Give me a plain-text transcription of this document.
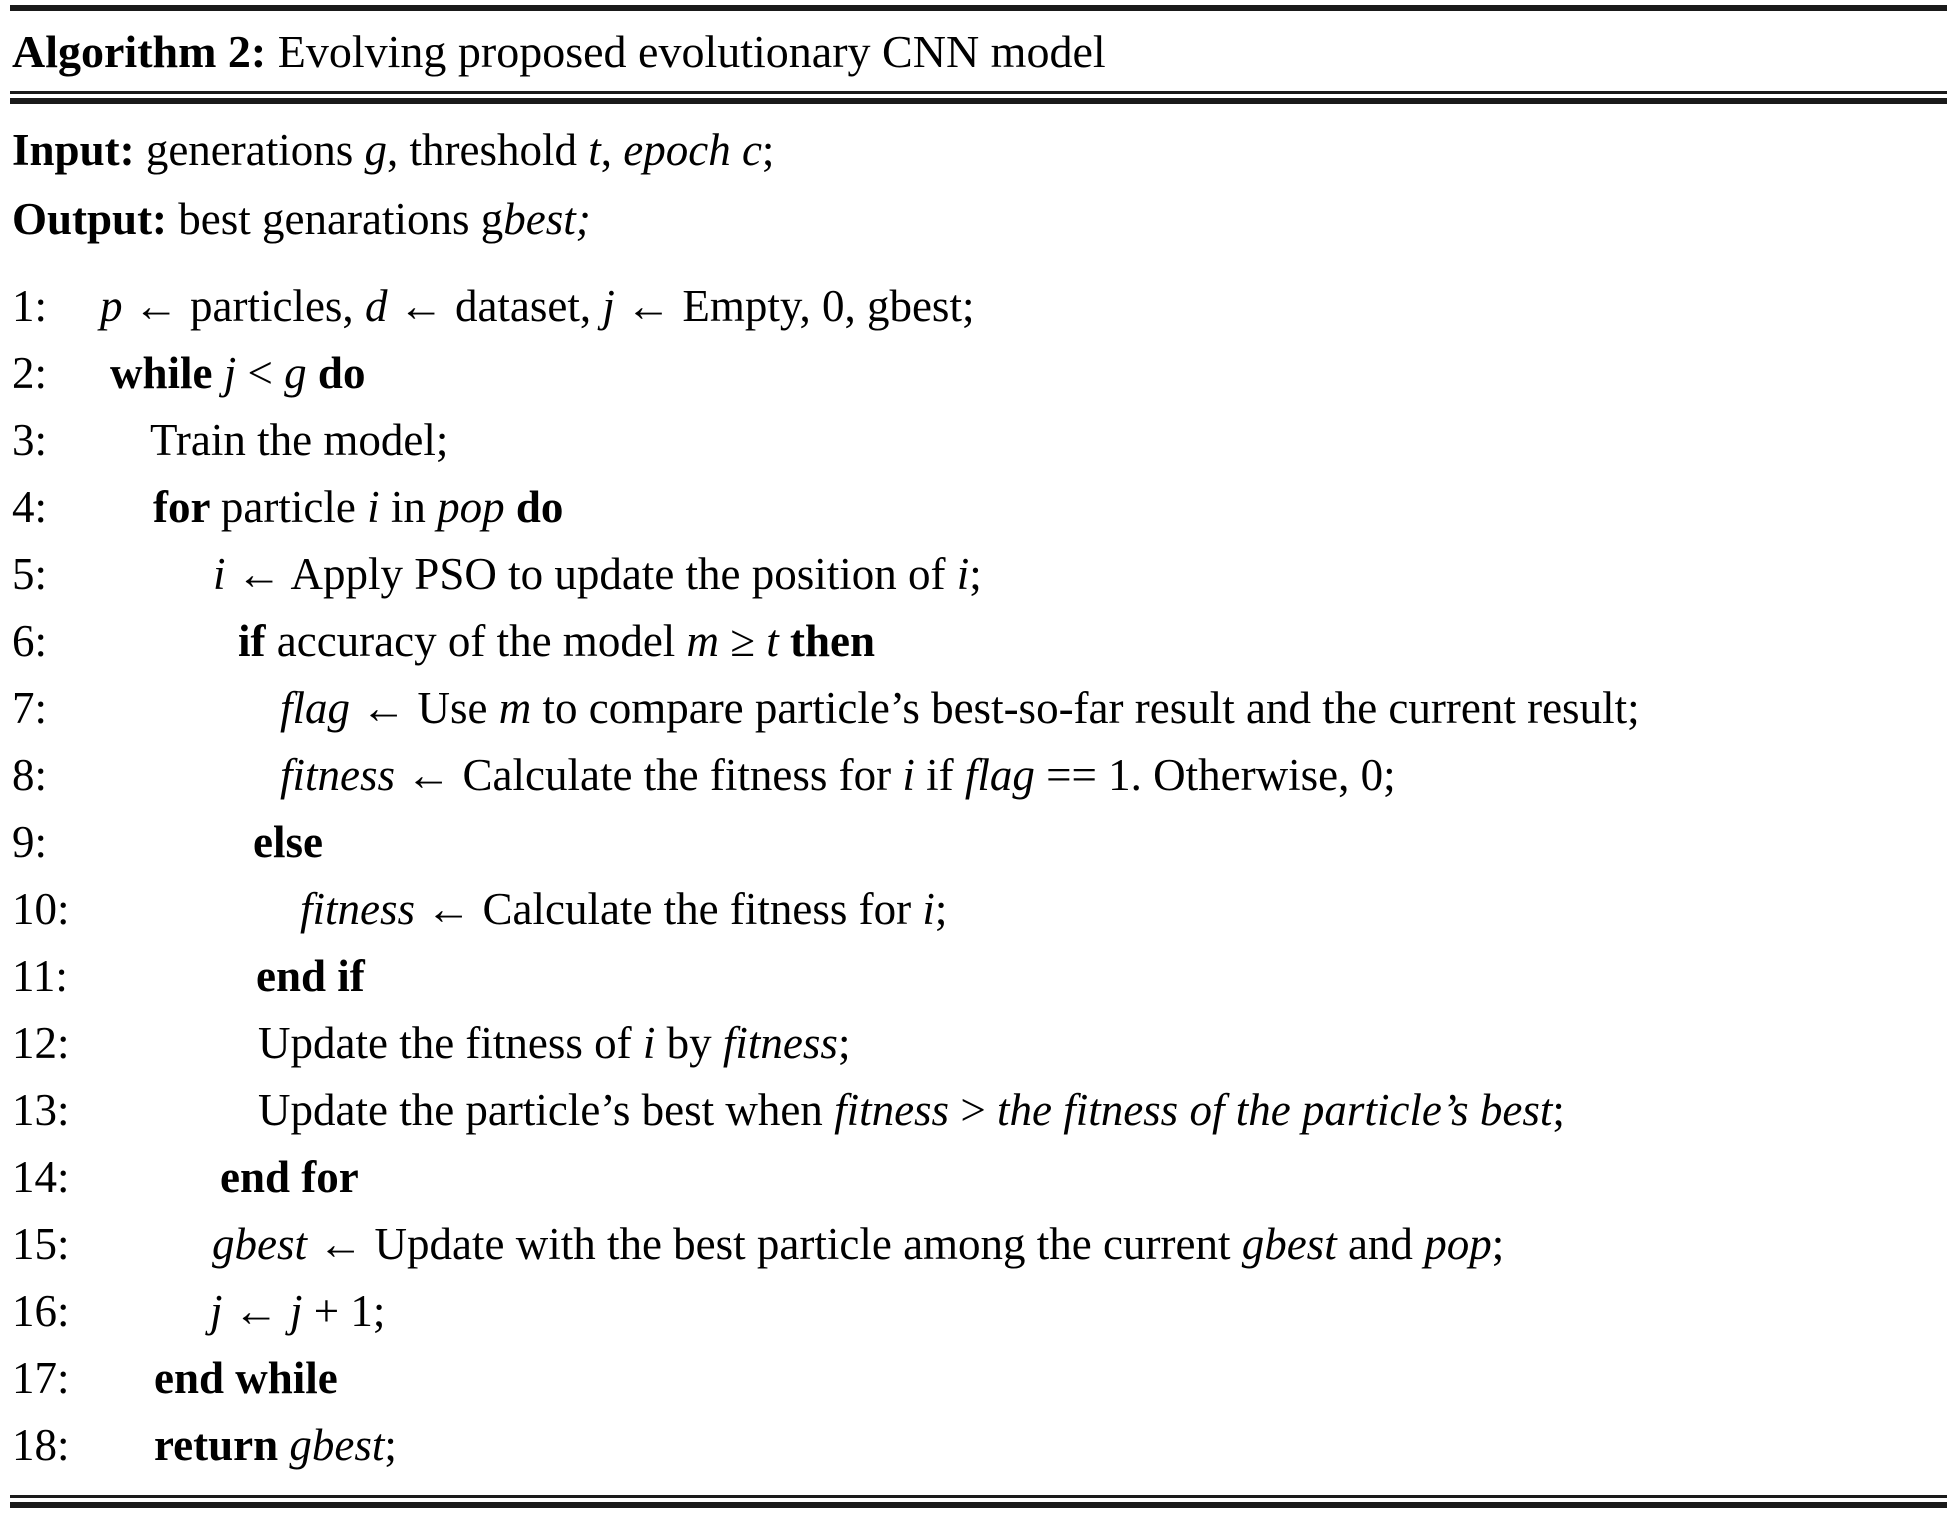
Algorithm 2: Evolving proposed evolutionary CNN model
Input: generations g, threshold t, epoch c;
Output: best genarations gbest;
1:	p ← particles, d ← dataset, j ← Empty, 0, gbest;
2:	while j < g do
3:	Train the model;
4:	for particle i in pop do
5:	i ← Apply PSO to update the position of i;
6:	if accuracy of the model m ≥ t then
7:	flag ← Use m to compare particle’s best-so-far result and the current result;
8:	fitness ← Calculate the fitness for i if flag == 1. Otherwise, 0;
9:	else
10:	fitness ← Calculate the fitness for i;
11:	end if
12:	Update the fitness of i by fitness;
13:	Update the particle’s best when fitness > the fitness of the particle’s best;
14:	end for
15:	gbest ← Update with the best particle among the current gbest and pop;
16:	j ← j + 1;
17:	end while
18:	return gbest;
